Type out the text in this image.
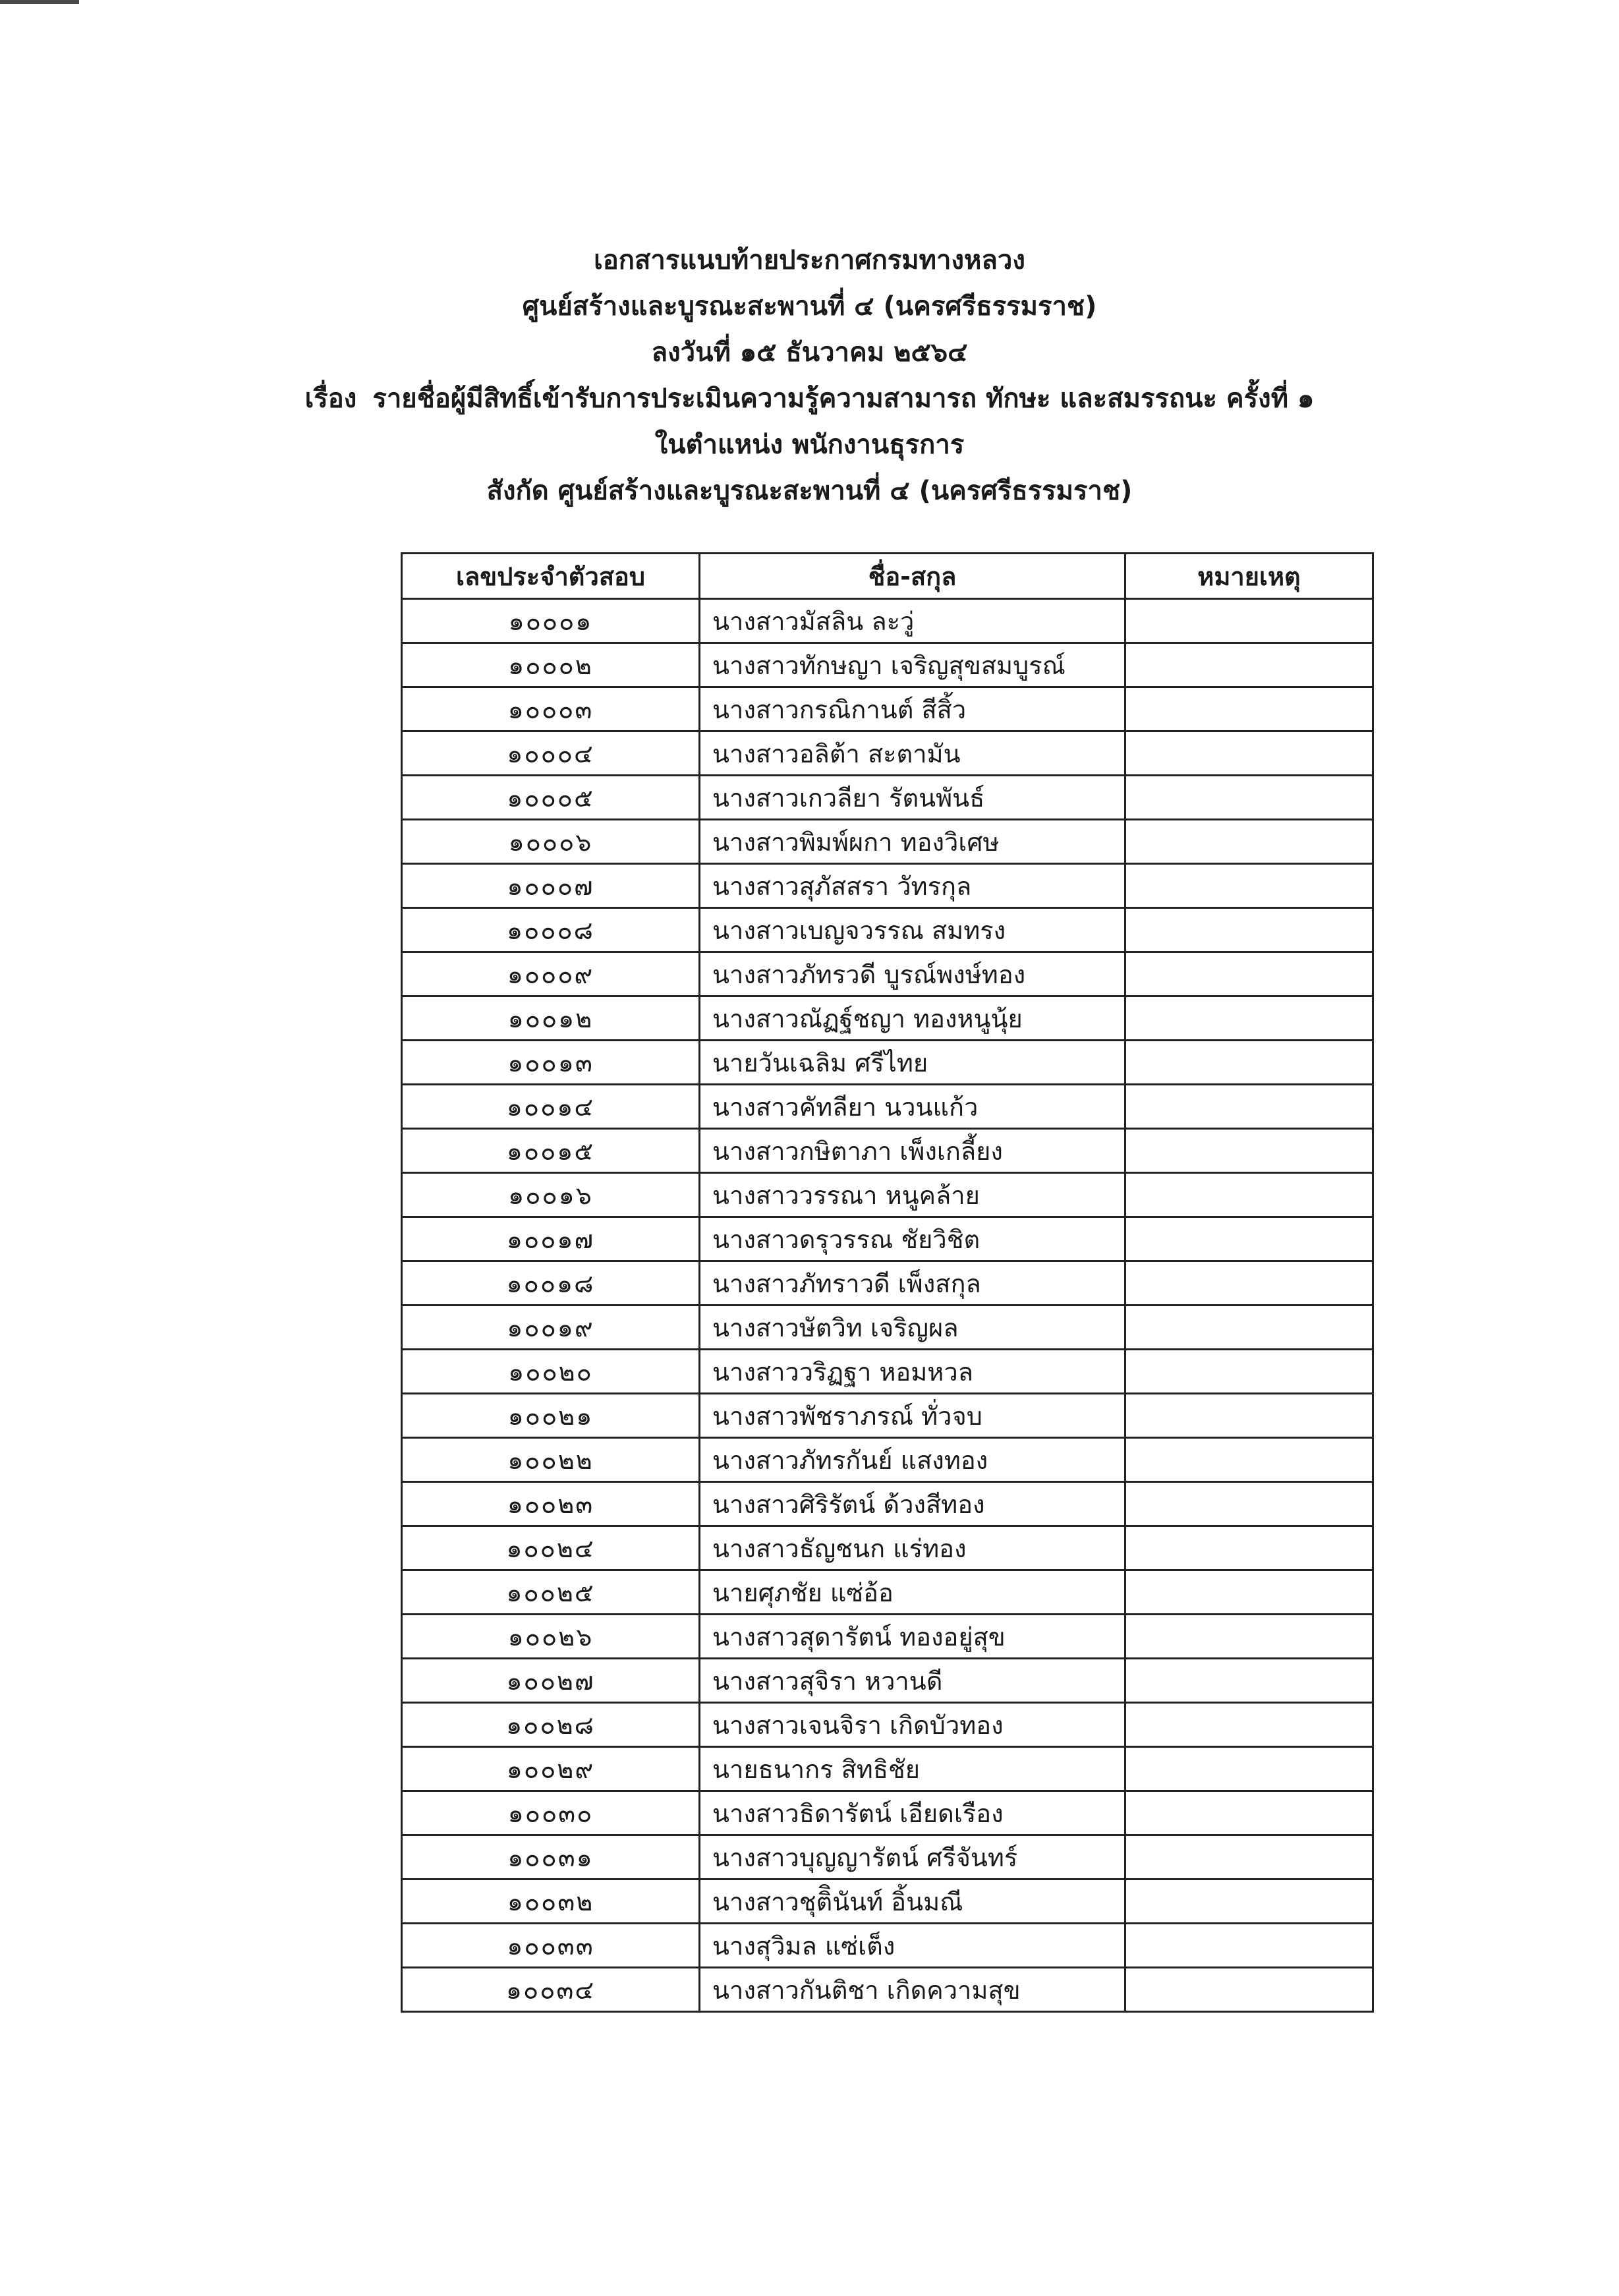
เอกสารแนบท้ายประกาศกรมทางหลวง
ศูนย์สร้างและบูรณะสะพานที่ ๔ (นครศรีธรรมราช)
ลงวันที่ ๑๕ ธันวาคม ๒๕๖๔
เรื่อง รายชื่อผู้มีสิทธิ์เข้ารับการประเมินความรู้ความสามารถ ทักษะ และสมรรถนะ ครั้งที่ ๑
ในตำแหน่ง พนักงานธุรการ
สังกัด ศูนย์สร้างและบูรณะสะพานที่ ๔ (นครศรีธรรมราช)
เลขประจำตัวสอบ	ชื่อ-สกุล	หมายเหตุ
๑๐๐๐๑	นางสาวมัสลิน ละวู่	
๑๐๐๐๒	นางสาวทักษญา เจริญสุขสมบูรณ์	
๑๐๐๐๓	นางสาวกรณิกานต์ สีสิ้ว	
๑๐๐๐๔	นางสาวอลิต้า สะตามัน	
๑๐๐๐๕	นางสาวเกวลียา รัตนพันธ์	
๑๐๐๐๖	นางสาวพิมพ์ผกา ทองวิเศษ	
๑๐๐๐๗	นางสาวสุภัสสรา วัทรกุล	
๑๐๐๐๘	นางสาวเบญจวรรณ สมทรง	
๑๐๐๐๙	นางสาวภัทรวดี บูรณ์พงษ์ทอง	
๑๐๐๑๒	นางสาวณัฏฐ์ชญา ทองหนูนุ้ย	
๑๐๐๑๓	นายวันเฉลิม ศรีไทย	
๑๐๐๑๔	นางสาวคัทลียา นวนแก้ว	
๑๐๐๑๕	นางสาวกษิตาภา เพ็งเกลี้ยง	
๑๐๐๑๖	นางสาววรรณา หนูคล้าย	
๑๐๐๑๗	นางสาวดรุวรรณ ชัยวิชิต	
๑๐๐๑๘	นางสาวภัทราวดี เพ็งสกุล	
๑๐๐๑๙	นางสาวษัตวิท เจริญผล	
๑๐๐๒๐	นางสาววริฏฐา หอมหวล	
๑๐๐๒๑	นางสาวพัชราภรณ์ ทั่วจบ	
๑๐๐๒๒	นางสาวภัทรกันย์ แสงทอง	
๑๐๐๒๓	นางสาวศิริรัตน์ ด้วงสีทอง	
๑๐๐๒๔	นางสาวธัญชนก แร่ทอง	
๑๐๐๒๕	นายศุภชัย แซ่อ้อ	
๑๐๐๒๖	นางสาวสุดารัตน์ ทองอยู่สุข	
๑๐๐๒๗	นางสาวสุจิรา หวานดี	
๑๐๐๒๘	นางสาวเจนจิรา เกิดบัวทอง	
๑๐๐๒๙	นายธนากร สิทธิชัย	
๑๐๐๓๐	นางสาวธิดารัตน์ เอียดเรือง	
๑๐๐๓๑	นางสาวบุญญารัตน์ ศรีจันทร์	
๑๐๐๓๒	นางสาวชุติินันท์ อิ้นมณี	
๑๐๐๓๓	นางสุวิมล แซ่เต็ง	
๑๐๐๓๔	นางสาวกันติชา เกิดความสุข	
